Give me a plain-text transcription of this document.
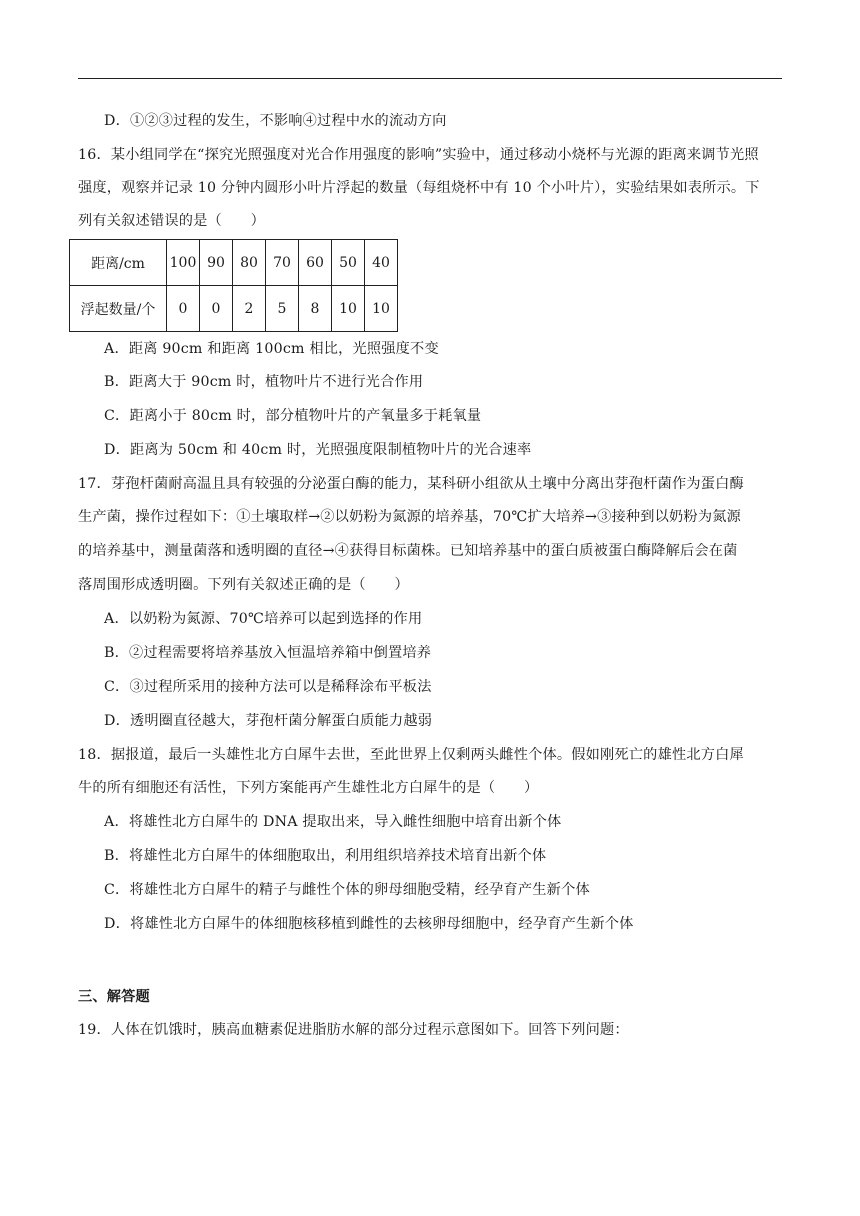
D．①②③过程的发生，不影响④过程中水的流动方向
16．某小组同学在“探究光照强度对光合作用强度的影响”实验中，通过移动小烧杯与光源的距离来调节光照
强度，观察并记录 10 分钟内圆形小叶片浮起的数量（每组烧杯中有 10 个小叶片），实验结果如表所示。下
列有关叙述错误的是（　　）
距离/cm	100	90	80	70	60	50	40
浮起数量/个	0	0	2	5	8	10	10
A．距离 90cm 和距离 100cm 相比，光照强度不变
B．距离大于 90cm 时，植物叶片不进行光合作用
C．距离小于 80cm 时，部分植物叶片的产氧量多于耗氧量
D．距离为 50cm 和 40cm 时，光照强度限制植物叶片的光合速率
17．芽孢杆菌耐高温且具有较强的分泌蛋白酶的能力，某科研小组欲从土壤中分离出芽孢杆菌作为蛋白酶
生产菌，操作过程如下：①土壤取样→②以奶粉为氮源的培养基，70℃扩大培养→③接种到以奶粉为氮源
的培养基中，测量菌落和透明圈的直径→④获得目标菌株。已知培养基中的蛋白质被蛋白酶降解后会在菌
落周围形成透明圈。下列有关叙述正确的是（　　）
A．以奶粉为氮源、70℃培养可以起到选择的作用
B．②过程需要将培养基放入恒温培养箱中倒置培养
C．③过程所采用的接种方法可以是稀释涂布平板法
D．透明圈直径越大，芽孢杆菌分解蛋白质能力越弱
18．据报道，最后一头雄性北方白犀牛去世，至此世界上仅剩两头雌性个体。假如刚死亡的雄性北方白犀
牛的所有细胞还有活性，下列方案能再产生雄性北方白犀牛的是（　　）
A．将雄性北方白犀牛的 DNA 提取出来，导入雌性细胞中培育出新个体
B．将雄性北方白犀牛的体细胞取出，利用组织培养技术培育出新个体
C．将雄性北方白犀牛的精子与雌性个体的卵母细胞受精，经孕育产生新个体
D．将雄性北方白犀牛的体细胞核移植到雌性的去核卵母细胞中，经孕育产生新个体
三、解答题
19．人体在饥饿时，胰高血糖素促进脂肪水解的部分过程示意图如下。回答下列问题：
